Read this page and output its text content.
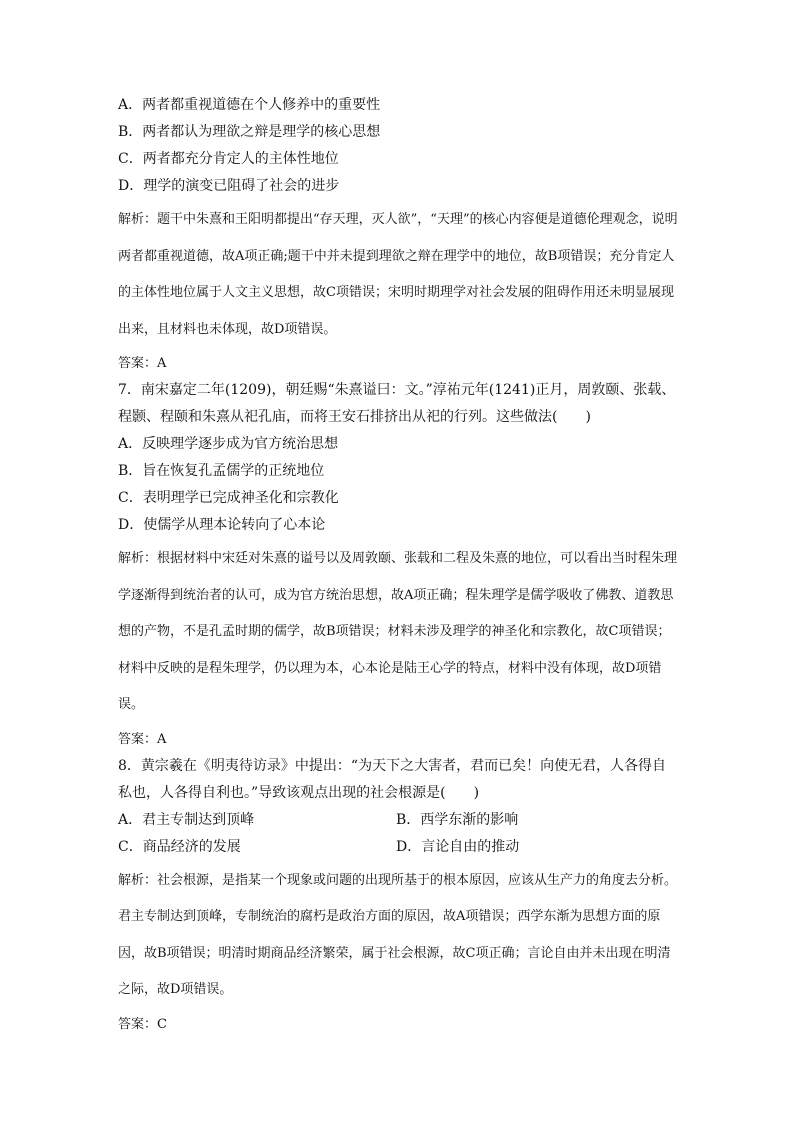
A．两者都重视道德在个人修养中的重要性
B．两者都认为理欲之辩是理学的核心思想
C．两者都充分肯定人的主体性地位
D．理学的演变已阻碍了社会的进步
解析：题干中朱熹和王阳明都提出“存天理，灭人欲”，“天理”的核心内容便是道德伦理观念，说明两者都重视道德，故A项正确;题干中并未提到理欲之辩在理学中的地位，故B项错误；充分肯定人的主体性地位属于人文主义思想，故C项错误；宋明时期理学对社会发展的阻碍作用还未明显展现出来，且材料也未体现，故D项错误。
答案：A
7．南宋嘉定二年(1209)，朝廷赐“朱熹谥曰：文。”淳祐元年(1241)正月，周敦颐、张载、程颢、程颐和朱熹从祀孔庙，而将王安石排挤出从祀的行列。这些做法(　　)
A．反映理学逐步成为官方统治思想
B．旨在恢复孔孟儒学的正统地位
C．表明理学已完成神圣化和宗教化
D．使儒学从理本论转向了心本论
解析：根据材料中宋廷对朱熹的谥号以及周敦颐、张载和二程及朱熹的地位，可以看出当时程朱理学逐渐得到统治者的认可，成为官方统治思想，故A项正确；程朱理学是儒学吸收了佛教、道教思想的产物，不是孔孟时期的儒学，故B项错误；材料未涉及理学的神圣化和宗教化，故C项错误；材料中反映的是程朱理学，仍以理为本，心本论是陆王心学的特点，材料中没有体现，故D项错误。
答案：A
8．黄宗羲在《明夷待访录》中提出：“为天下之大害者，君而已矣！向使无君，人各得自私也，人各得自利也。”导致该观点出现的社会根源是(　　)
A．君主专制达到顶峰	B．西学东渐的影响
C．商品经济的发展	D．言论自由的推动
解析：社会根源，是指某一个现象或问题的出现所基于的根本原因，应该从生产力的角度去分析。君主专制达到顶峰，专制统治的腐朽是政治方面的原因，故A项错误；西学东渐为思想方面的原因，故B项错误；明清时期商品经济繁荣，属于社会根源，故C项正确；言论自由并未出现在明清之际，故D项错误。
答案：C
